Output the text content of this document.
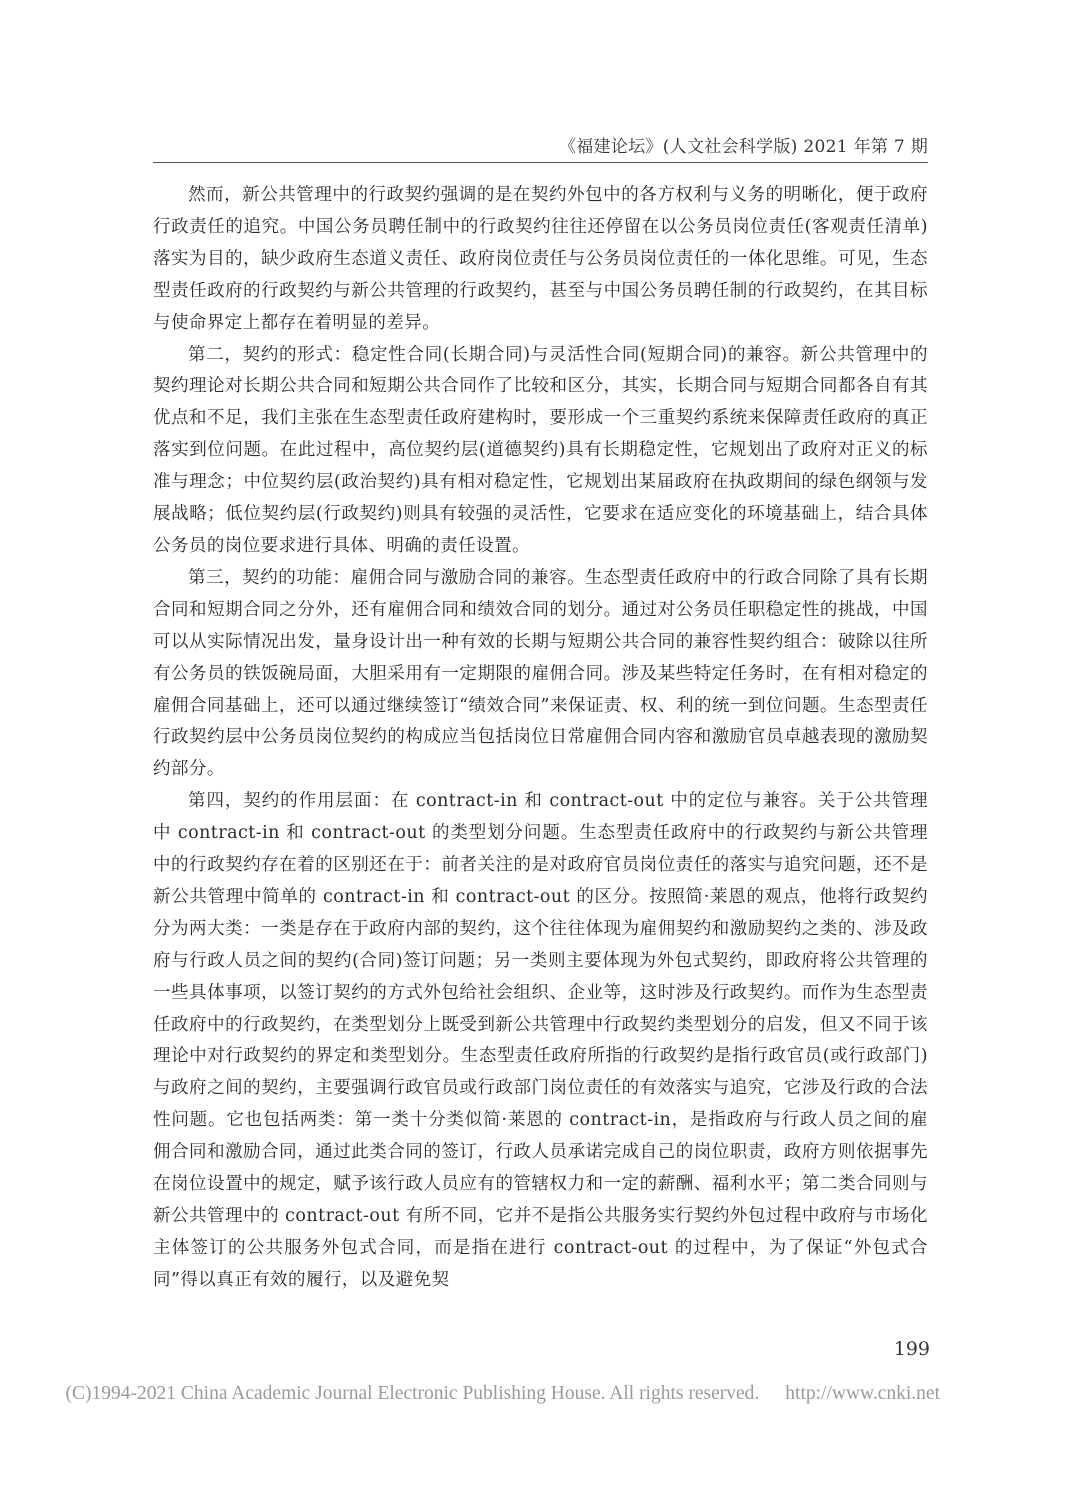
《福建论坛》(人文社会科学版) 2021 年第 7 期

然而，新公共管理中的行政契约强调的是在契约外包中的各方权利与义务的明晰化，便于政府行政责任的追究。中国公务员聘任制中的行政契约往往还停留在以公务员岗位责任(客观责任清单)落实为目的，缺少政府生态道义责任、政府岗位责任与公务员岗位责任的一体化思维。可见，生态型责任政府的行政契约与新公共管理的行政契约，甚至与中国公务员聘任制的行政契约，在其目标与使命界定上都存在着明显的差异。

第二，契约的形式：稳定性合同(长期合同)与灵活性合同(短期合同)的兼容。新公共管理中的契约理论对长期公共合同和短期公共合同作了比较和区分，其实，长期合同与短期合同都各自有其优点和不足，我们主张在生态型责任政府建构时，要形成一个三重契约系统来保障责任政府的真正落实到位问题。在此过程中，高位契约层(道德契约)具有长期稳定性，它规划出了政府对正义的标准与理念；中位契约层(政治契约)具有相对稳定性，它规划出某届政府在执政期间的绿色纲领与发展战略；低位契约层(行政契约)则具有较强的灵活性，它要求在适应变化的环境基础上，结合具体公务员的岗位要求进行具体、明确的责任设置。

第三，契约的功能：雇佣合同与激励合同的兼容。生态型责任政府中的行政合同除了具有长期合同和短期合同之分外，还有雇佣合同和绩效合同的划分。通过对公务员任职稳定性的挑战，中国可以从实际情况出发，量身设计出一种有效的长期与短期公共合同的兼容性契约组合：破除以往所有公务员的铁饭碗局面，大胆采用有一定期限的雇佣合同。涉及某些特定任务时，在有相对稳定的雇佣合同基础上，还可以通过继续签订“绩效合同”来保证责、权、利的统一到位问题。生态型责任行政契约层中公务员岗位契约的构成应当包括岗位日常雇佣合同内容和激励官员卓越表现的激励契约部分。

第四，契约的作用层面：在 contract-in 和 contract-out 中的定位与兼容。关于公共管理中 contract-in 和 contract-out 的类型划分问题。生态型责任政府中的行政契约与新公共管理中的行政契约存在着的区别还在于：前者关注的是对政府官员岗位责任的落实与追究问题，还不是新公共管理中简单的 contract-in 和 contract-out 的区分。按照简·莱恩的观点，他将行政契约分为两大类：一类是存在于政府内部的契约，这个往往体现为雇佣契约和激励契约之类的、涉及政府与行政人员之间的契约(合同)签订问题；另一类则主要体现为外包式契约，即政府将公共管理的一些具体事项，以签订契约的方式外包给社会组织、企业等，这时涉及行政契约。而作为生态型责任政府中的行政契约，在类型划分上既受到新公共管理中行政契约类型划分的启发，但又不同于该理论中对行政契约的界定和类型划分。生态型责任政府所指的行政契约是指行政官员(或行政部门)与政府之间的契约，主要强调行政官员或行政部门岗位责任的有效落实与追究，它涉及行政的合法性问题。它也包括两类：第一类十分类似简·莱恩的 contract-in，是指政府与行政人员之间的雇佣合同和激励合同，通过此类合同的签订，行政人员承诺完成自己的岗位职责，政府方则依据事先在岗位设置中的规定，赋予该行政人员应有的管辖权力和一定的薪酬、福利水平；第二类合同则与新公共管理中的 contract-out 有所不同，它并不是指公共服务实行契约外包过程中政府与市场化主体签订的公共服务外包式合同，而是指在进行 contract-out 的过程中，为了保证“外包式合同”得以真正有效的履行，以及避免契

199
(C)1994-2021 China Academic Journal Electronic Publishing House. All rights reserved. http://www.cnki.net
